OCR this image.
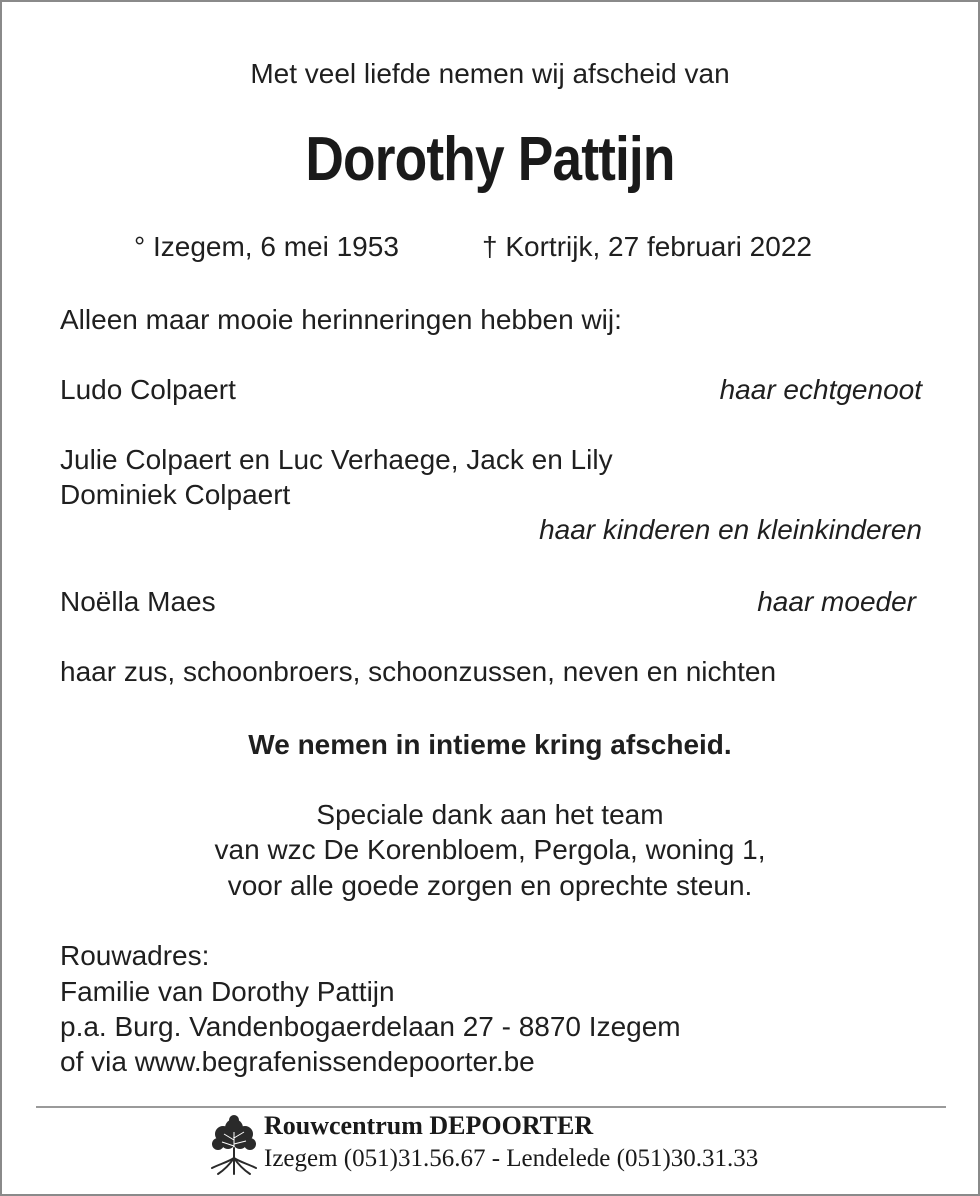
Met veel liefde nemen wij afscheid van
Dorothy Pattijn
° Izegem, 6 mei 1953	† Kortrijk, 27 februari 2022
Alleen maar mooie herinneringen hebben wij:
Ludo Colpaert	haar echtgenoot
Julie Colpaert en Luc Verhaege, Jack en Lily
Dominiek Colpaert
haar kinderen en kleinkinderen
Noëlla Maes	haar moeder
haar zus, schoonbroers, schoonzussen, neven en nichten
We nemen in intieme kring afscheid.
Speciale dank aan het team
van wzc De Korenbloem, Pergola, woning 1,
voor alle goede zorgen en oprechte steun.
Rouwadres:
Familie van Dorothy Pattijn
p.a. Burg. Vandenbogaerdelaan 27 - 8870 Izegem
of via www.begrafenissendepoorter.be
Rouwcentrum DEPOORTER
Izegem (051)31.56.67 - Lendelede (051)30.31.33
